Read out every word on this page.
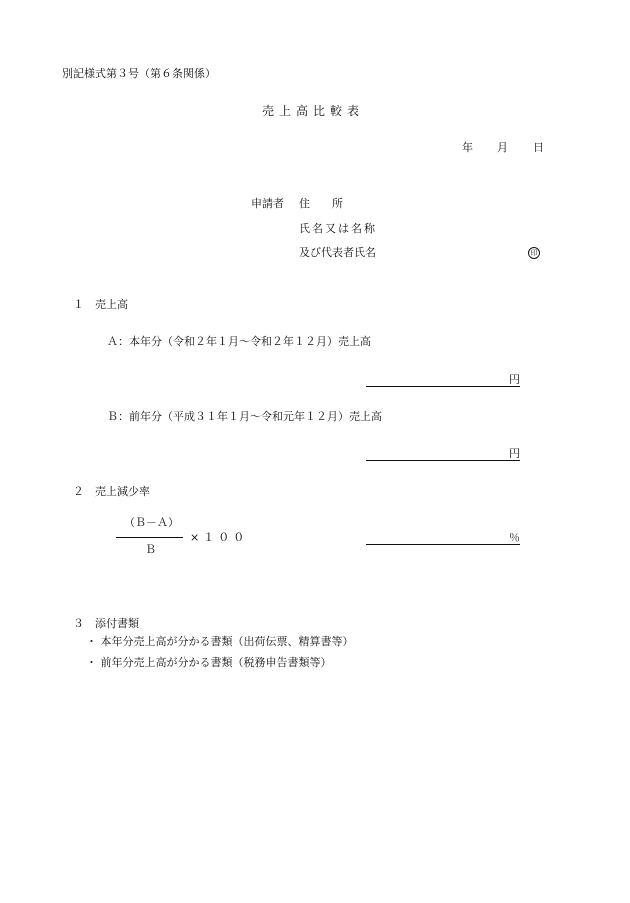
別記様式第３号（第６条関係）
売上高比較表
年 月 日
申請者 住　　所
氏名又は名称
及び代表者氏名	印
１　売上高
Ａ：本年分（令和２年１月～令和２年１２月）売上高
円
Ｂ：前年分（平成３１年１月～令和元年１２月）売上高
円
２　売上減少率
（Ｂ－Ａ）
Ｂ
×１００	％
３　添付書類
・ 本年分売上高が分かる書類（出荷伝票、精算書等）
・ 前年分売上高が分かる書類（税務申告書類等）
